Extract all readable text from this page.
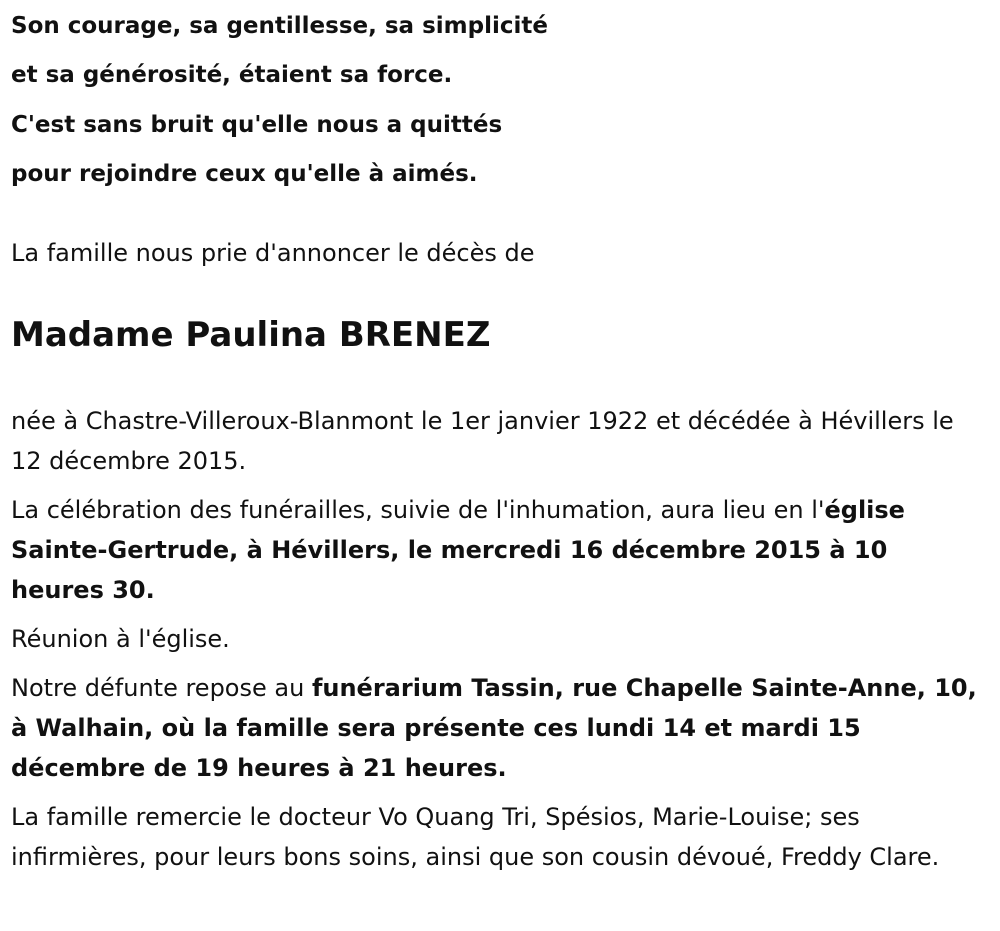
Son courage, sa gentillesse, sa simplicité
et sa générosité, étaient sa force.
C'est sans bruit qu'elle nous a quittés
pour rejoindre ceux qu'elle à aimés.

La famille nous prie d'annoncer le décès de

Madame Paulina BRENEZ

née à Chastre-Villeroux-Blanmont le 1er janvier 1922 et décédée à Hévillers le 12 décembre 2015.

La célébration des funérailles, suivie de l'inhumation, aura lieu en l'église Sainte-Gertrude, à Hévillers, le mercredi 16 décembre 2015 à 10 heures 30.

Réunion à l'église.

Notre défunte repose au funérarium Tassin, rue Chapelle Sainte-Anne, 10, à Walhain, où la famille sera présente ces lundi 14 et mardi 15 décembre de 19 heures à 21 heures.

La famille remercie le docteur Vo Quang Tri, Spésios, Marie-Louise; ses infirmières, pour leurs bons soins, ainsi que son cousin dévoué, Freddy Clare.
